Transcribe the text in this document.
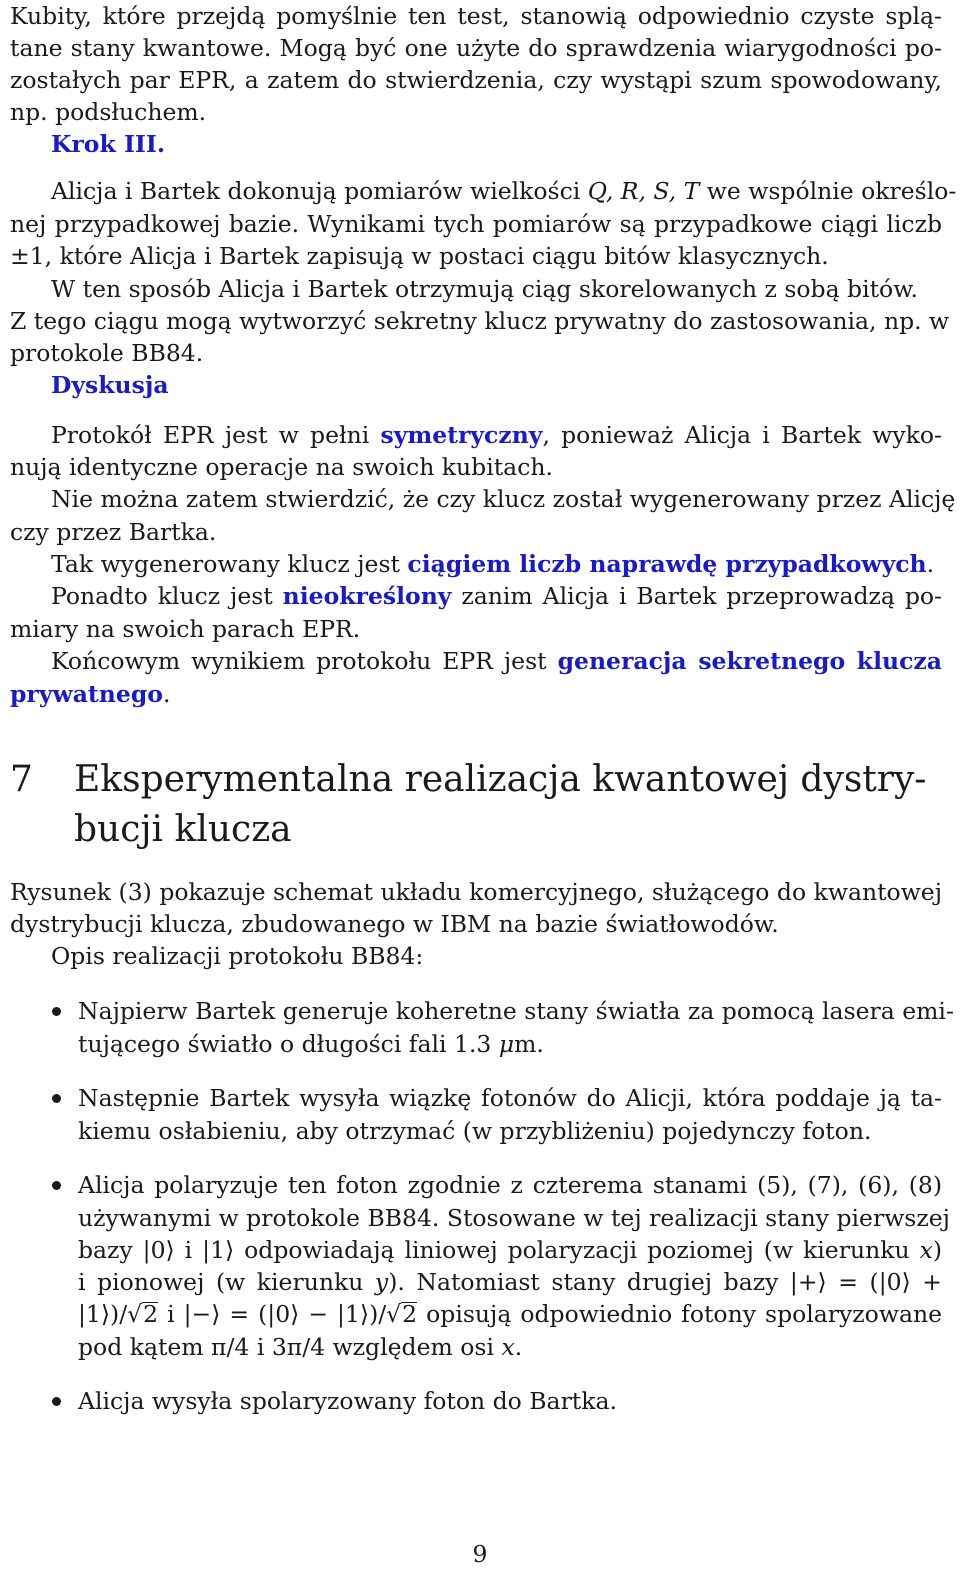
Kubity, które przejdą pomyślnie ten test, stanowią odpowiednio czyste splą-
tane stany kwantowe. Mogą być one użyte do sprawdzenia wiarygodności po-
zostałych par EPR, a zatem do stwierdzenia, czy wystąpi szum spowodowany,
np. podsłuchem.
Krok III.
Alicja i Bartek dokonują pomiarów wielkości Q, R, S, T we wspólnie określo-
nej przypadkowej bazie. Wynikami tych pomiarów są przypadkowe ciągi liczb
±1, które Alicja i Bartek zapisują w postaci ciągu bitów klasycznych.
W ten sposób Alicja i Bartek otrzymują ciąg skorelowanych z sobą bitów.
Z tego ciągu mogą wytworzyć sekretny klucz prywatny do zastosowania, np. w
protokole BB84.
Dyskusja
Protokół EPR jest w pełni symetryczny, ponieważ Alicja i Bartek wyko-
nują identyczne operacje na swoich kubitach.
Nie można zatem stwierdzić, że czy klucz został wygenerowany przez Alicję
czy przez Bartka.
Tak wygenerowany klucz jest ciągiem liczb naprawdę przypadkowych.
Ponadto klucz jest nieokreślony zanim Alicja i Bartek przeprowadzą po-
miary na swoich parach EPR.
Końcowym wynikiem protokołu EPR jest generacja sekretnego klucza
prywatnego.
7 Eksperymentalna realizacja kwantowej dystry-
bucji klucza
Rysunek (3) pokazuje schemat układu komercyjnego, służącego do kwantowej
dystrybucji klucza, zbudowanego w IBM na bazie światłowodów.
Opis realizacji protokołu BB84:
Najpierw Bartek generuje koheretne stany światła za pomocą lasera emi-
tującego światło o długości fali 1.3 μm.
Następnie Bartek wysyła wiązkę fotonów do Alicji, która poddaje ją ta-
kiemu osłabieniu, aby otrzymać (w przybliżeniu) pojedynczy foton.
Alicja polaryzuje ten foton zgodnie z czterema stanami (5), (7), (6), (8)
używanymi w protokole BB84. Stosowane w tej realizacji stany pierwszej
bazy |0⟩ i |1⟩ odpowiadają liniowej polaryzacji poziomej (w kierunku x)
i pionowej (w kierunku y). Natomiast stany drugiej bazy |+⟩ = (|0⟩ +
|1⟩)/√2 i |−⟩ = (|0⟩ − |1⟩)/√2 opisują odpowiednio fotony spolaryzowane
pod kątem π/4 i 3π/4 względem osi x.
Alicja wysyła spolaryzowany foton do Bartka.
9
